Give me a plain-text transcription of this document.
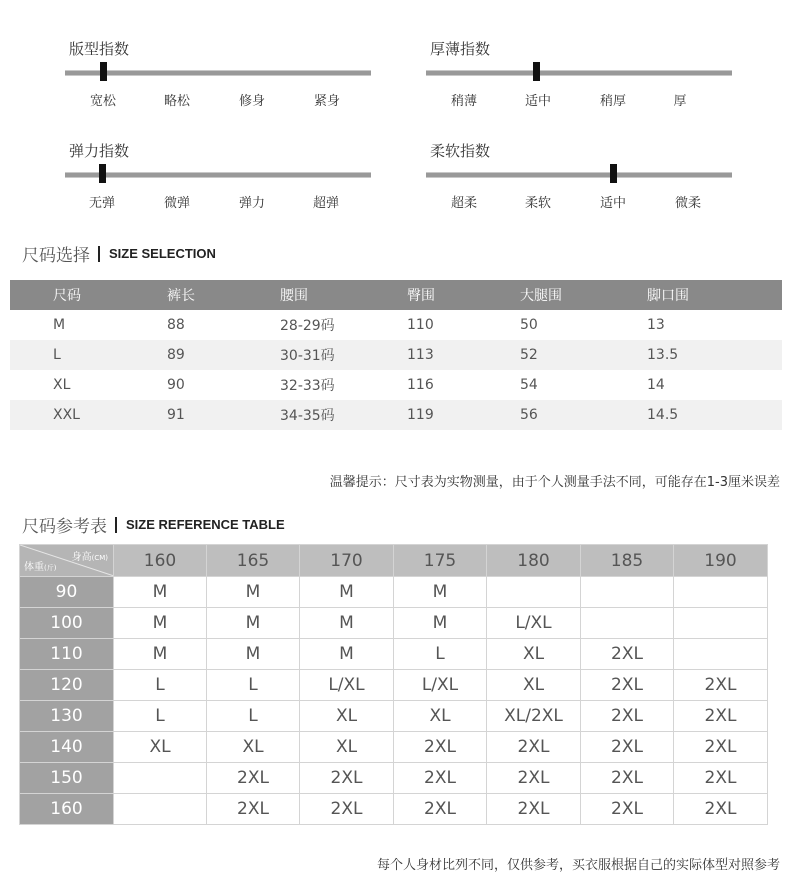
版型指数
宽松	略松	修身	紧身
厚薄指数
稍薄	适中	稍厚	厚
弹力指数
无弹	微弹	弹力	超弹
柔软指数
超柔	柔软	适中	微柔
尺码选择 SIZE SELECTION
尺码	裤长	腰围	臀围	大腿围	脚口围
M	88	28-29码	110	50	13
L	89	30-31码	113	52	13.5
XL	90	32-33码	116	54	14
XXL	91	34-35码	119	56	14.5
温馨提示：尺寸表为实物测量，由于个人测量手法不同，可能存在1-3厘米误差
尺码参考表 SIZE REFERENCE TABLE
身高(CM)
体重(斤)	160	165	170	175	180	185	190
90	M	M	M	M			
100	M	M	M	M	L/XL		
110	M	M	M	L	XL	2XL	
120	L	L	L/XL	L/XL	XL	2XL	2XL
130	L	L	XL	XL	XL/2XL	2XL	2XL
140	XL	XL	XL	2XL	2XL	2XL	2XL
150		2XL	2XL	2XL	2XL	2XL	2XL
160		2XL	2XL	2XL	2XL	2XL	2XL
每个人身材比列不同，仅供参考，买衣服根据自己的实际体型对照参考
